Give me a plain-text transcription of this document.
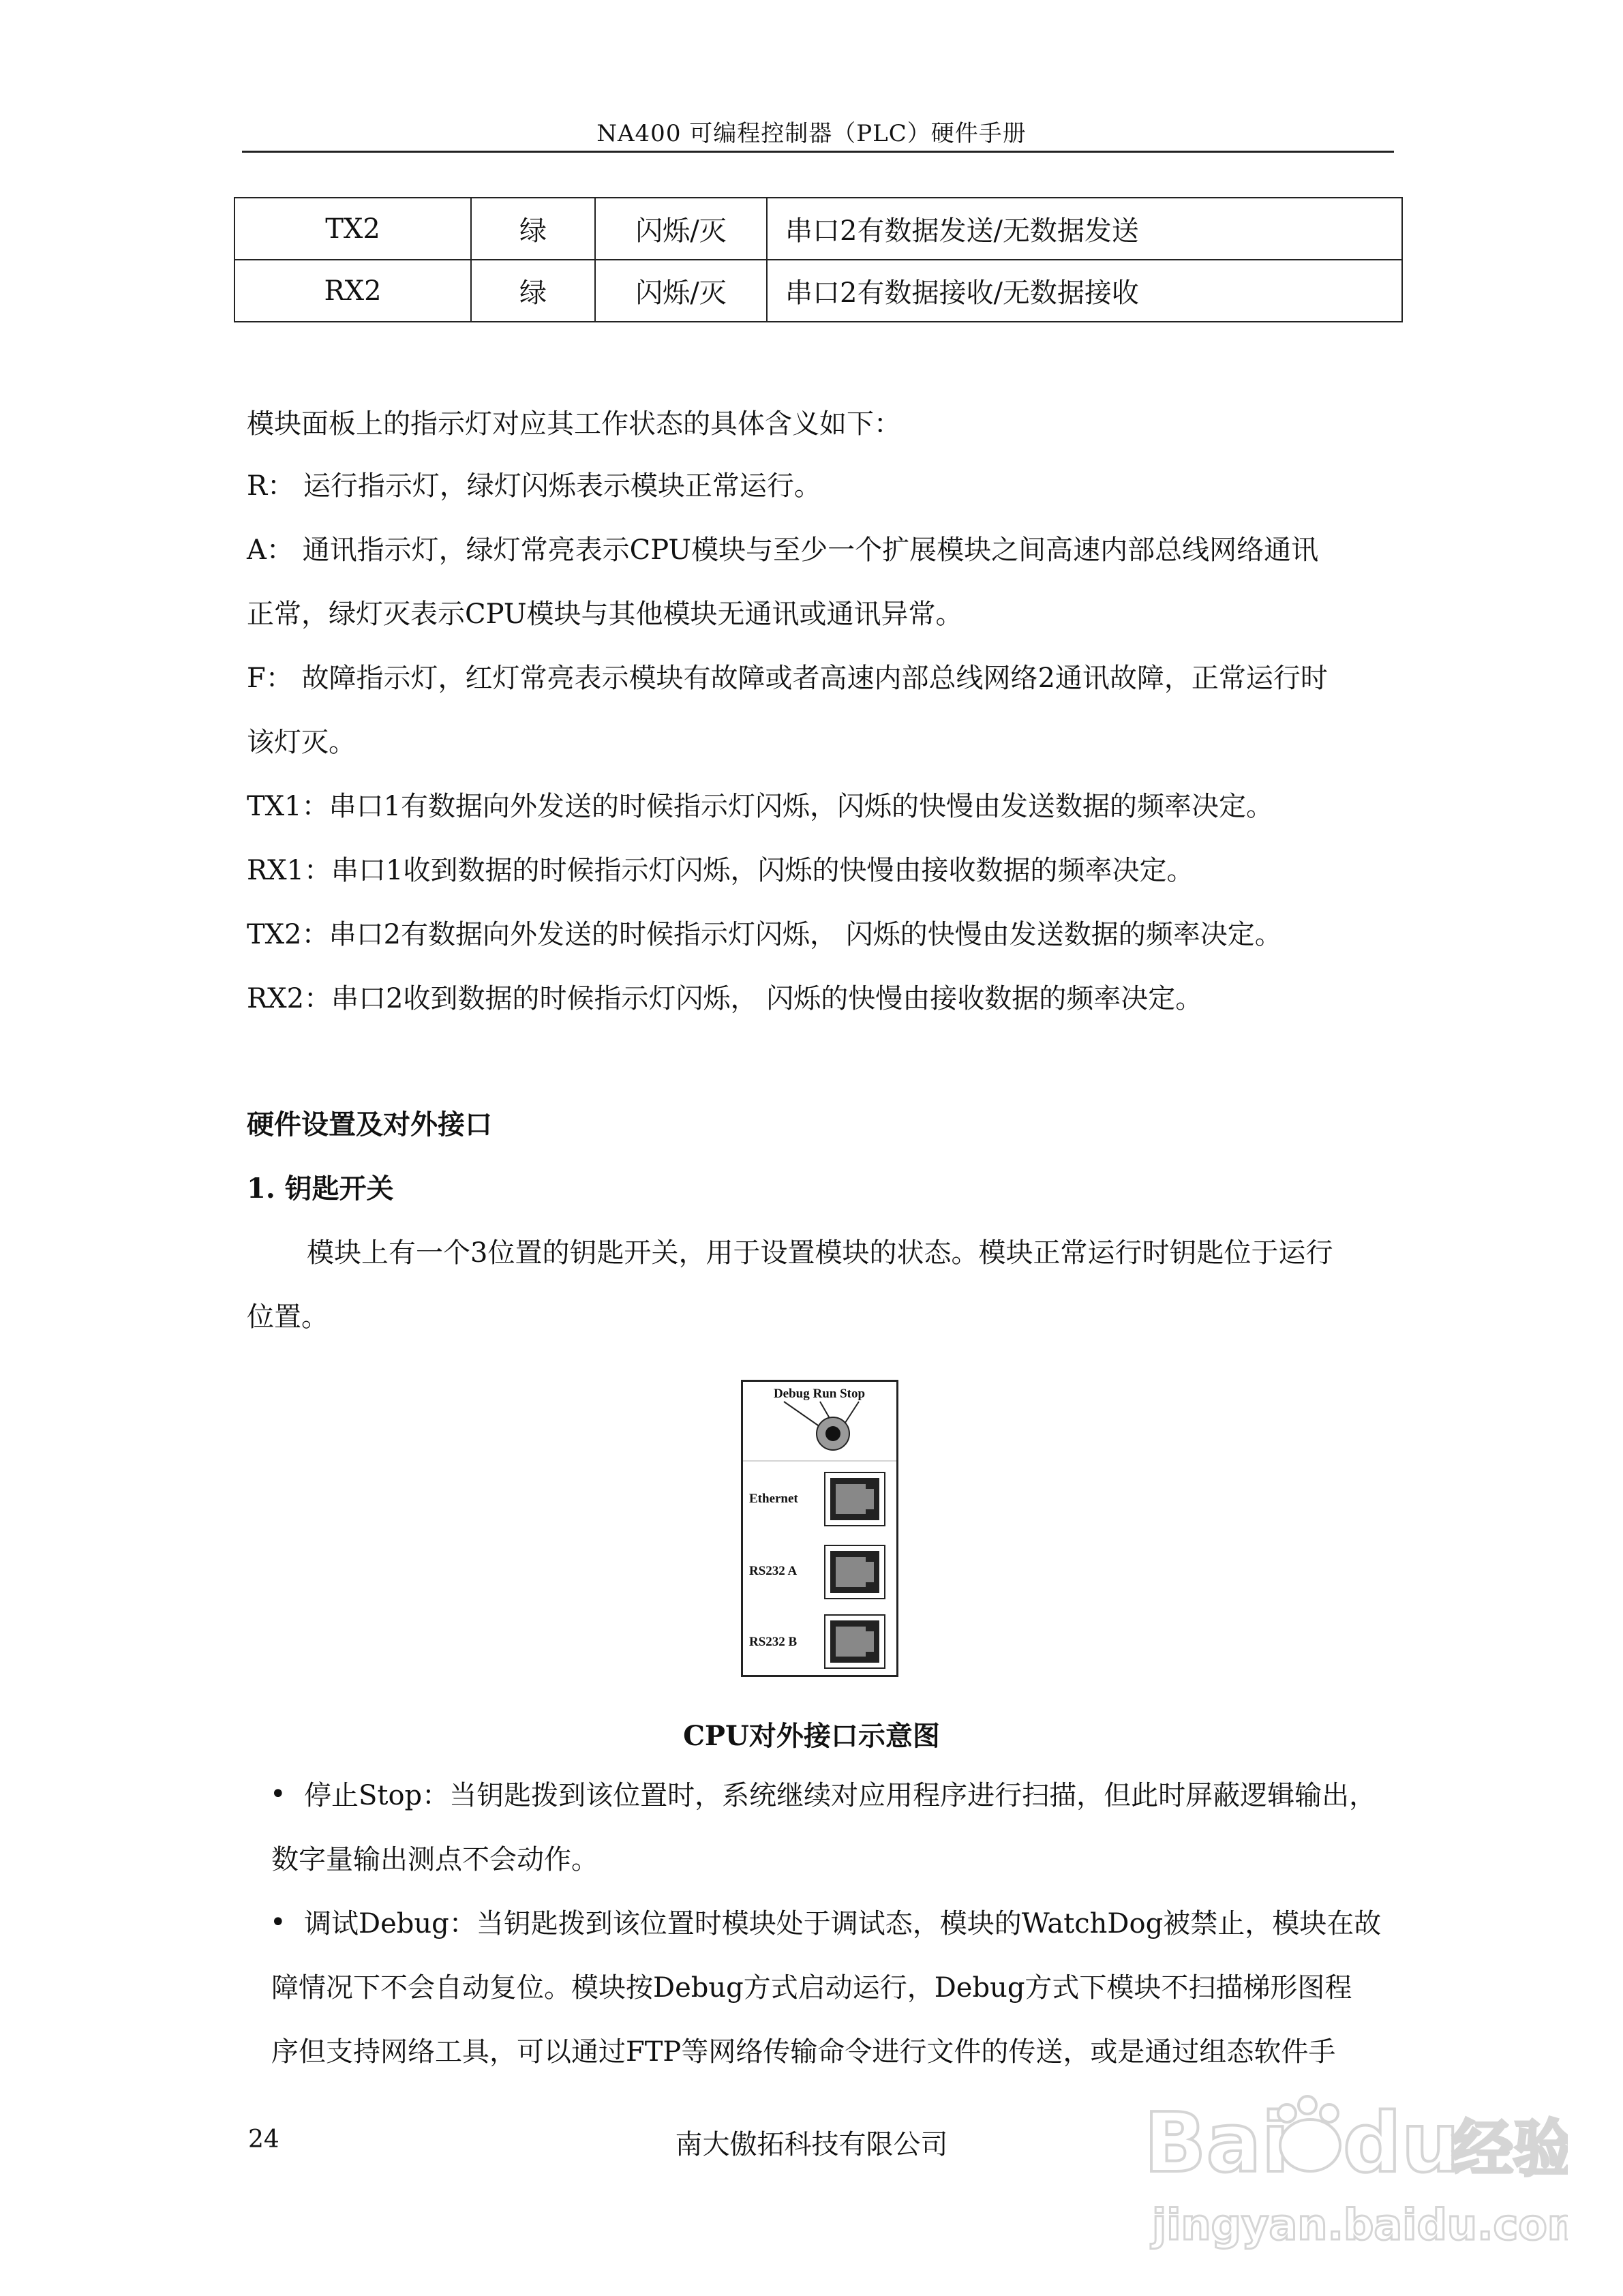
NA400 可编程控制器（PLC）硬件手册
TX2	绿	闪烁/灭	串口2有数据发送/无数据发送
RX2	绿	闪烁/灭	串口2有数据接收/无数据接收
模块面板上的指示灯对应其工作状态的具体含义如下：
R： 运行指示灯，绿灯闪烁表示模块正常运行。
A： 通讯指示灯，绿灯常亮表示CPU模块与至少一个扩展模块之间高速内部总线网络通讯
正常，绿灯灭表示CPU模块与其他模块无通讯或通讯异常。
F： 故障指示灯，红灯常亮表示模块有故障或者高速内部总线网络2通讯故障，正常运行时
该灯灭。
TX1：串口1有数据向外发送的时候指示灯闪烁，闪烁的快慢由发送数据的频率决定。
RX1：串口1收到数据的时候指示灯闪烁，闪烁的快慢由接收数据的频率决定。
TX2：串口2有数据向外发送的时候指示灯闪烁， 闪烁的快慢由发送数据的频率决定。
RX2：串口2收到数据的时候指示灯闪烁， 闪烁的快慢由接收数据的频率决定。
硬件设置及对外接口
1. 钥匙开关
模块上有一个3位置的钥匙开关，用于设置模块的状态。模块正常运行时钥匙位于运行
位置。
Debug Run Stop
Ethernet
RS232 A
RS232 B
CPU对外接口示意图
• 停止Stop：当钥匙拨到该位置时，系统继续对应用程序进行扫描，但此时屏蔽逻辑输出，
数字量输出测点不会动作。
• 调试Debug：当钥匙拨到该位置时模块处于调试态，模块的WatchDog被禁止，模块在故
障情况下不会自动复位。模块按Debug方式启动运行，Debug方式下模块不扫描梯形图程
序但支持网络工具，可以通过FTP等网络传输命令进行文件的传送，或是通过组态软件手
24	南大傲拓科技有限公司	Bai du
经验
jingyan.baidu.com
